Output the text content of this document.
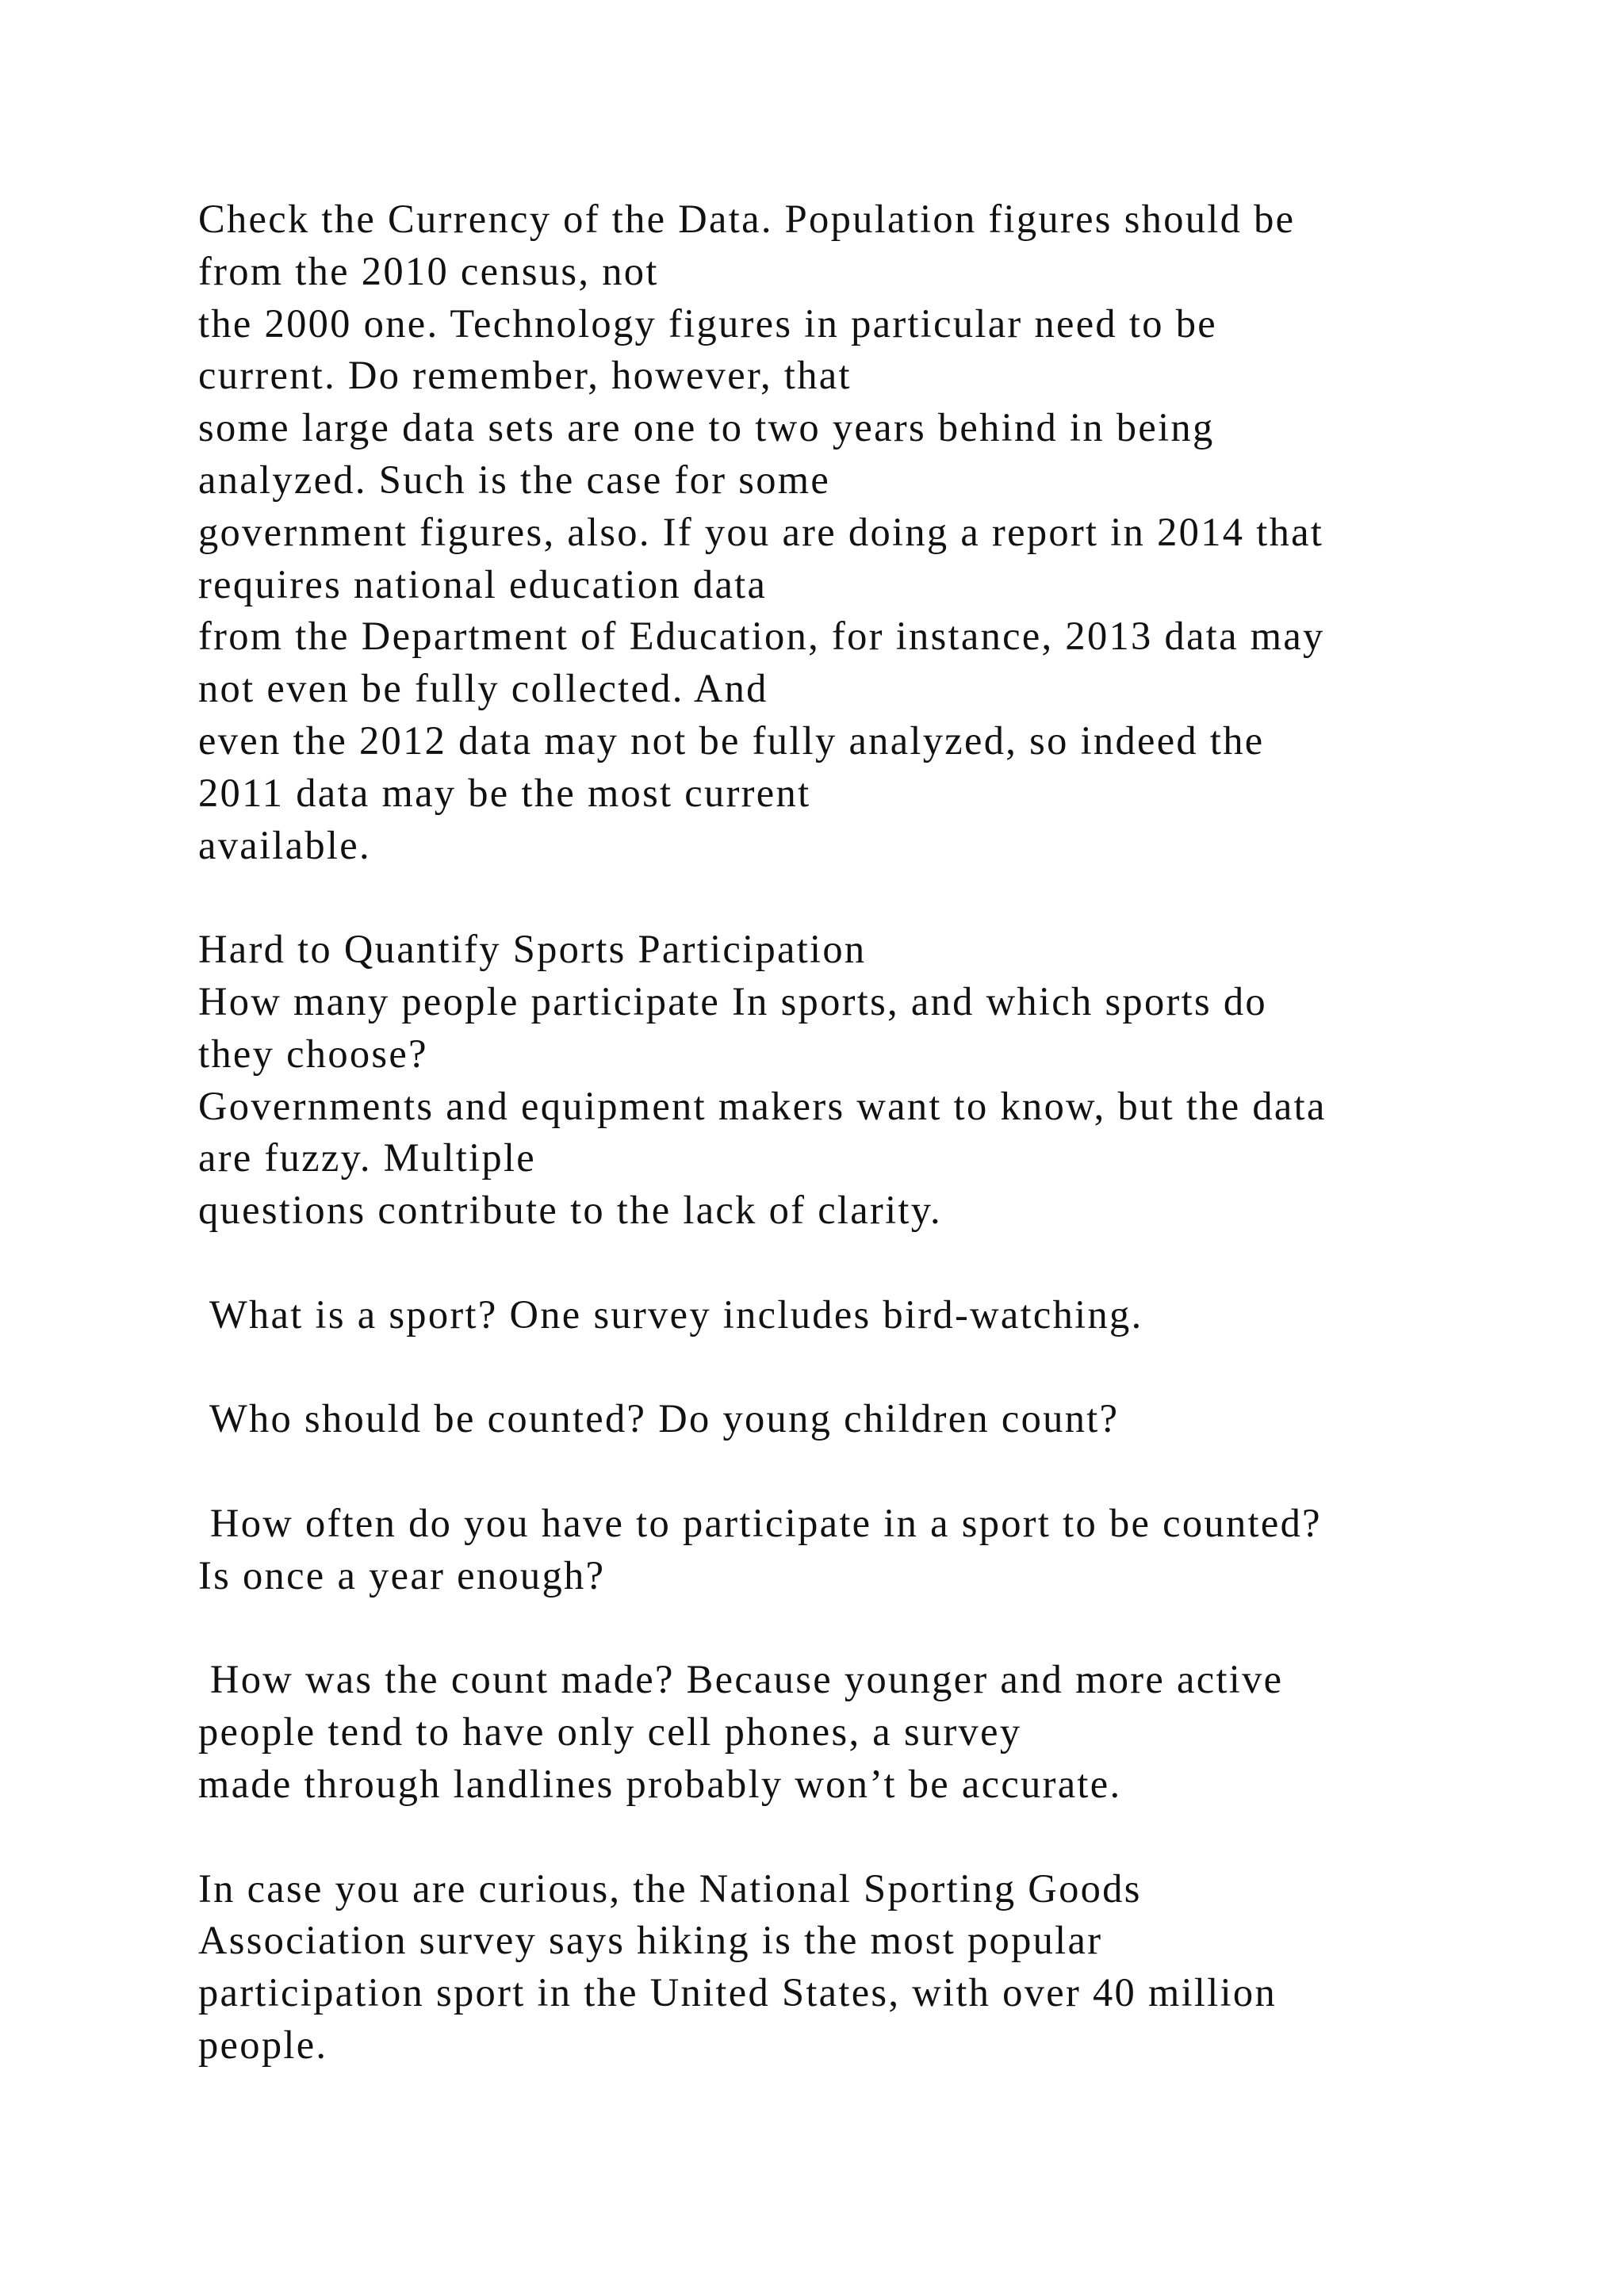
Check the Currency of the Data. Population figures should be
from the 2010 census, not
the 2000 one. Technology figures in particular need to be
current. Do remember, however, that
some large data sets are one to two years behind in being
analyzed. Such is the case for some
government figures, also. If you are doing a report in 2014 that
requires national education data
from the Department of Education, for instance, 2013 data may
not even be fully collected. And
even the 2012 data may not be fully analyzed, so indeed the
2011 data may be the most current
available.
Hard to Quantify Sports Participation
How many people participate In sports, and which sports do
they choose?
Governments and equipment makers want to know, but the data
are fuzzy. Multiple
questions contribute to the lack of clarity.
What is a sport? One survey includes bird-watching.
Who should be counted? Do young children count?
How often do you have to participate in a sport to be counted?
Is once a year enough?
How was the count made? Because younger and more active
people tend to have only cell phones, a survey
made through landlines probably won’t be accurate.
In case you are curious, the National Sporting Goods
Association survey says hiking is the most popular
participation sport in the United States, with over 40 million
people.
